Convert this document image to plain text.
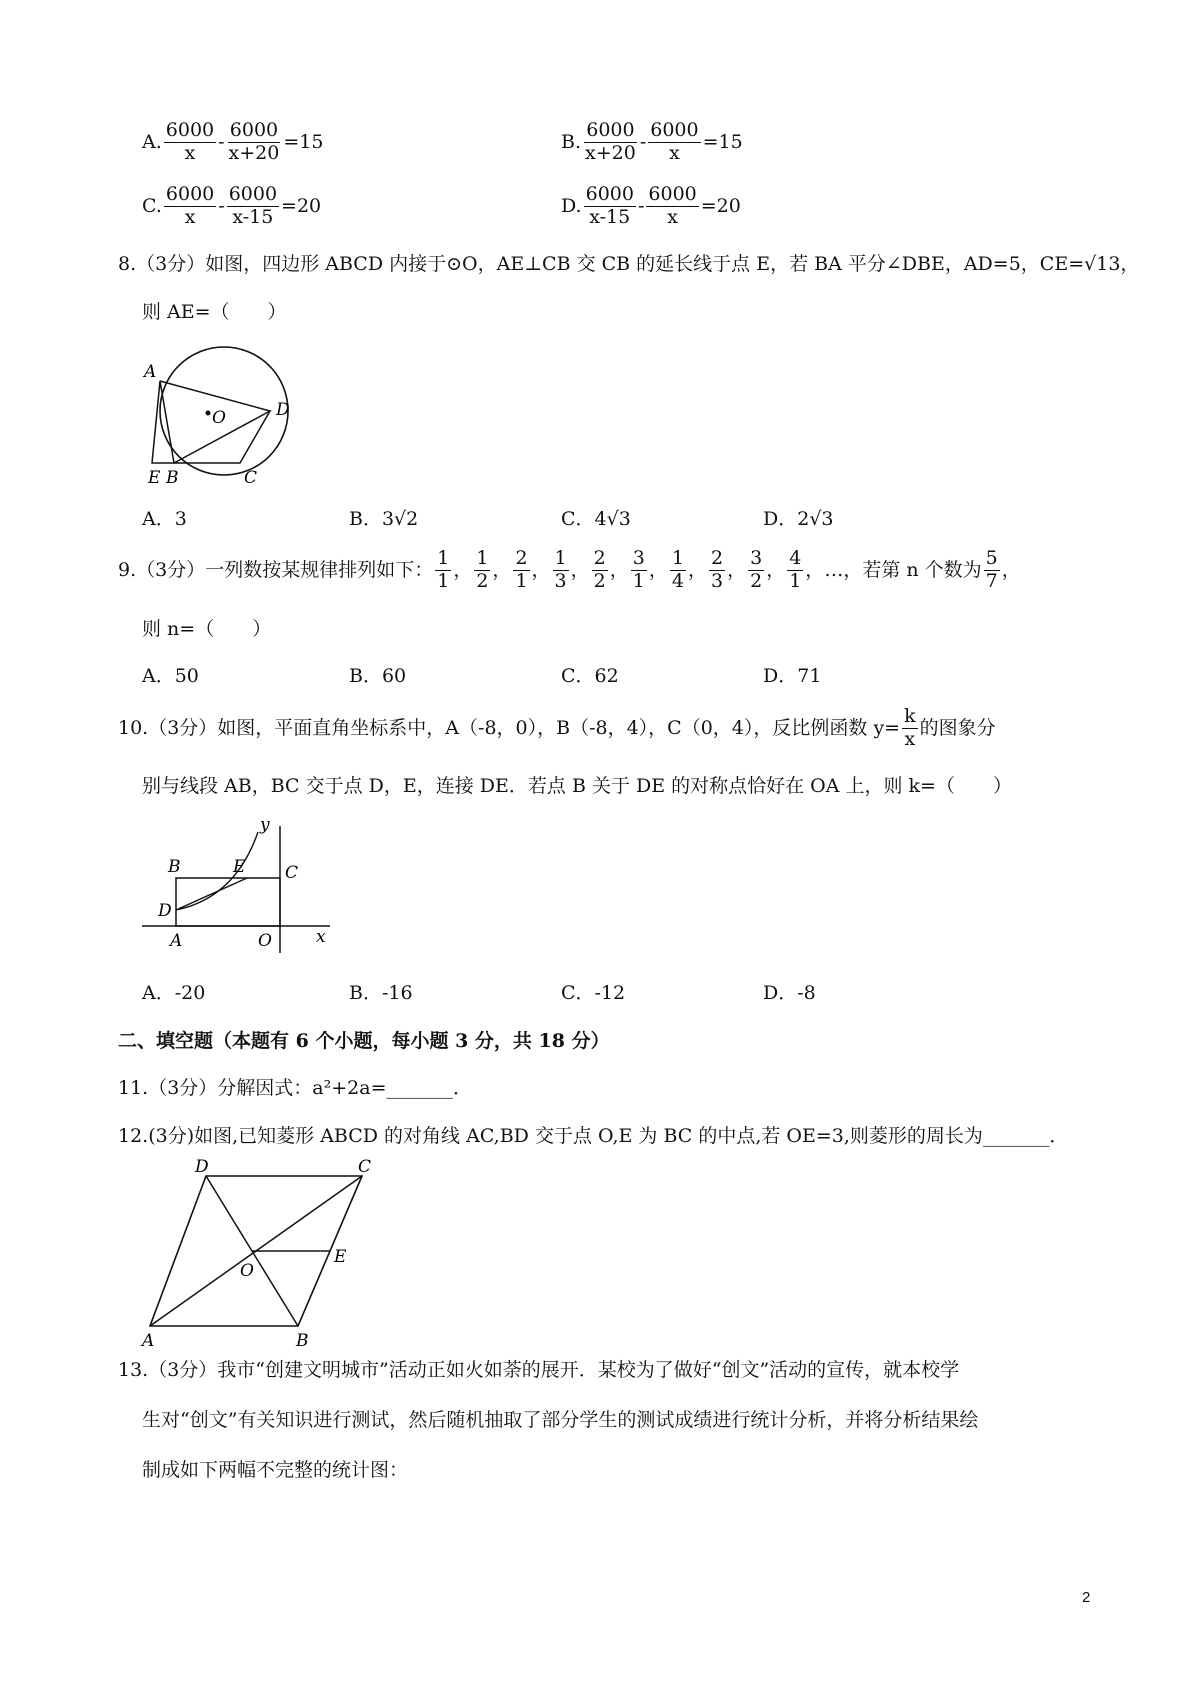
A. $\frac{6000}{x} - \frac{6000}{x+20} =15$	B. $\frac{6000}{x+20} - \frac{6000}{x} =15$
C. $\frac{6000}{x} - \frac{6000}{x-15} =20$	D. $\frac{6000}{x-15} - \frac{6000}{x} =20$
8.（3分）如图，四边形 ABCD 内接于⊙O，AE⊥CB 交 CB 的延长线于点 E，若 BA 平分∠DBE，AD=5，CE=√13，
则 AE=（　　）
A
D
O
E B	C
A．3	B．3√2	C．4√3	D．2√3
9.（3分）一列数按某规律排列如下： $\frac{1}{1}$ ， $\frac{1}{2}$ ， $\frac{2}{1}$ ， $\frac{1}{3}$ ， $\frac{2}{2}$ ， $\frac{3}{1}$ ， $\frac{1}{4}$ ， $\frac{2}{3}$ ， $\frac{3}{2}$ ， $\frac{4}{1}$ ， …，若第 n 个数为 $\frac{5}{7}$ ，
则 n=（　　）
A．50	B．60	C．62	D．71
10.（3分）如图，平面直角坐标系中，A（-8，0），B（-8，4），C（0，4），反比例函数 $y= \frac{k}{x}$ 的图象分
别与线段 AB，BC 交于点 D，E，连接 DE．若点 B 关于 DE 的对称点恰好在 OA 上，则 k=（　　）
y
B	E C
D
A	O	x
A．-20	B．-16	C．-12	D．-8
二、填空题（本题有 6 个小题，每小题 3 分，共 18 分）
11.（3分）分解因式：a²+2a=_______．
12.(3分)如图,已知菱形 ABCD 的对角线 AC,BD 交于点 O,E 为 BC 的中点,若 OE=3,则菱形的周长为_______．
D	C
O
E
A	B
13.（3分）我市“创建文明城市”活动正如火如荼的展开．某校为了做好“创文”活动的宣传，就本校学
生对“创文”有关知识进行测试，然后随机抽取了部分学生的测试成绩进行统计分析，并将分析结果绘
制成如下两幅不完整的统计图：
2
